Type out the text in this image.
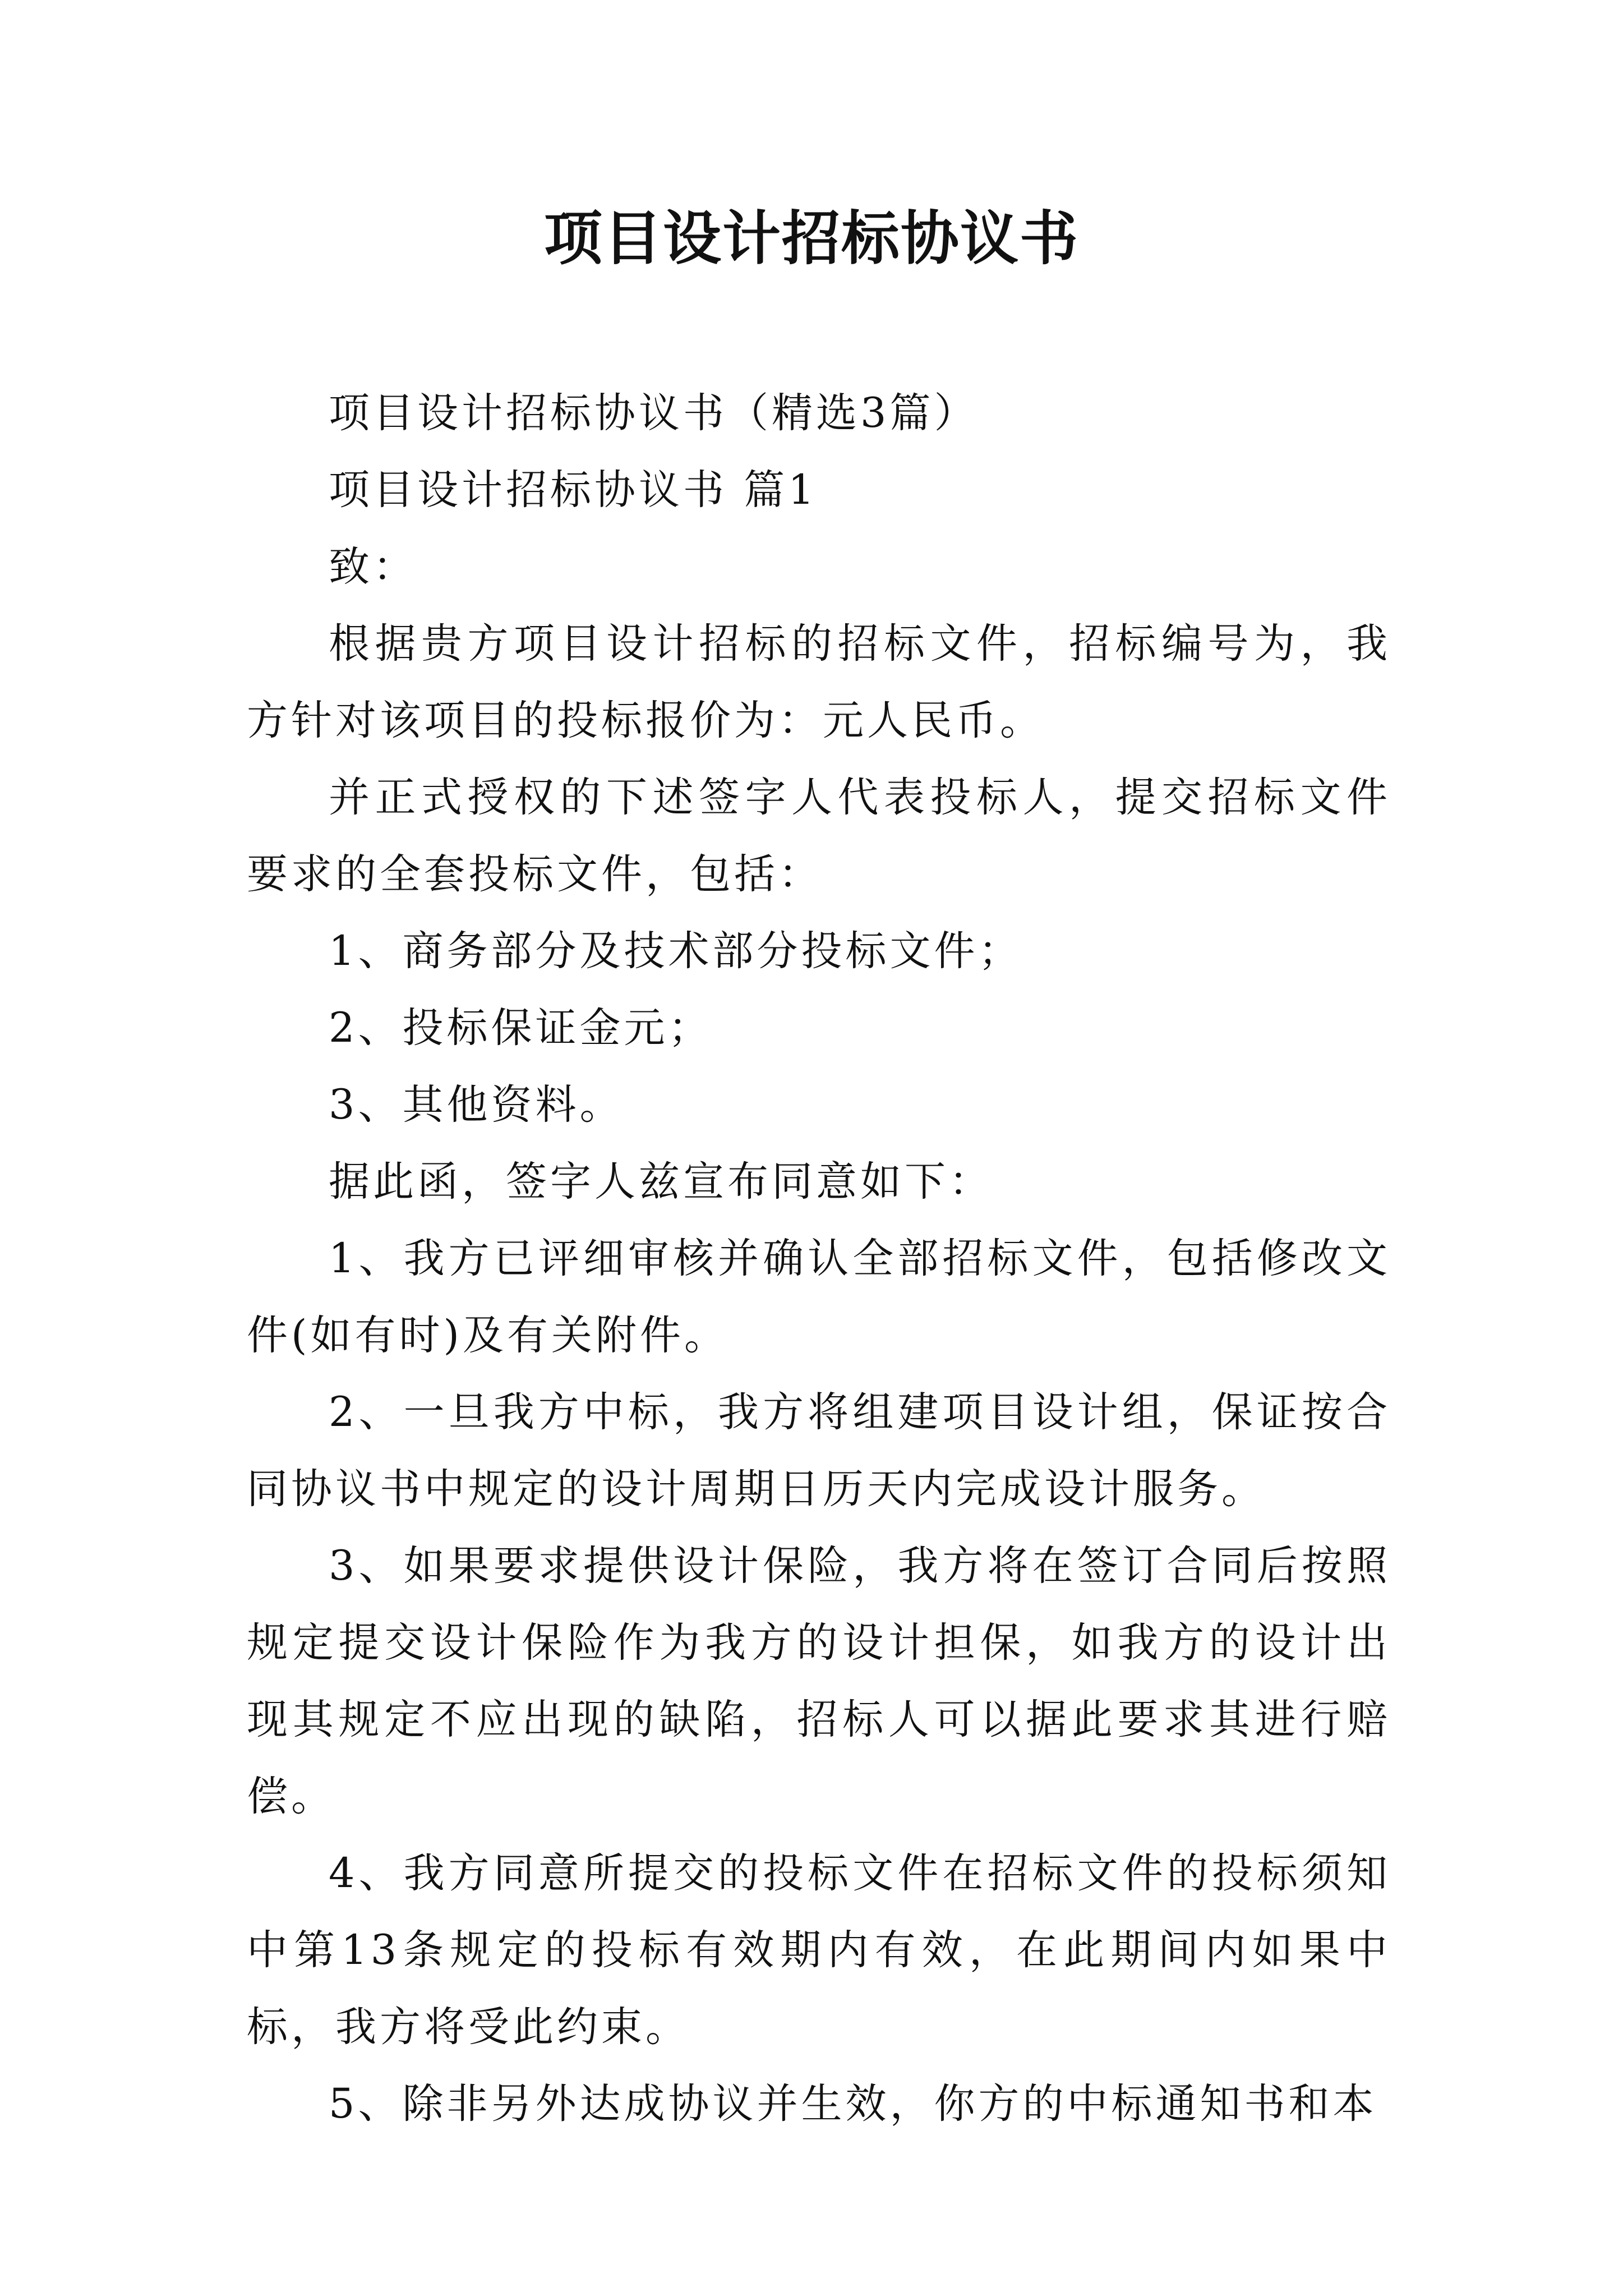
项目设计招标协议书

项目设计招标协议书（精选3篇）

项目设计招标协议书 篇1

致：

根据贵方项目设计招标的招标文件，招标编号为，我方针对该项目的投标报价为：元人民币。

并正式授权的下述签字人代表投标人，提交招标文件要求的全套投标文件，包括：

1、商务部分及技术部分投标文件；

2、投标保证金元；

3、其他资料。

据此函，签字人兹宣布同意如下：

1、我方已评细审核并确认全部招标文件，包括修改文件(如有时)及有关附件。

2、一旦我方中标，我方将组建项目设计组，保证按合同协议书中规定的设计周期日历天内完成设计服务。

3、如果要求提供设计保险，我方将在签订合同后按照规定提交设计保险作为我方的设计担保，如我方的设计出现其规定不应出现的缺陷，招标人可以据此要求其进行赔偿。

4、我方同意所提交的投标文件在招标文件的投标须知中第13条规定的投标有效期内有效，在此期间内如果中标，我方将受此约束。

5、除非另外达成协议并生效，你方的中标通知书和本
